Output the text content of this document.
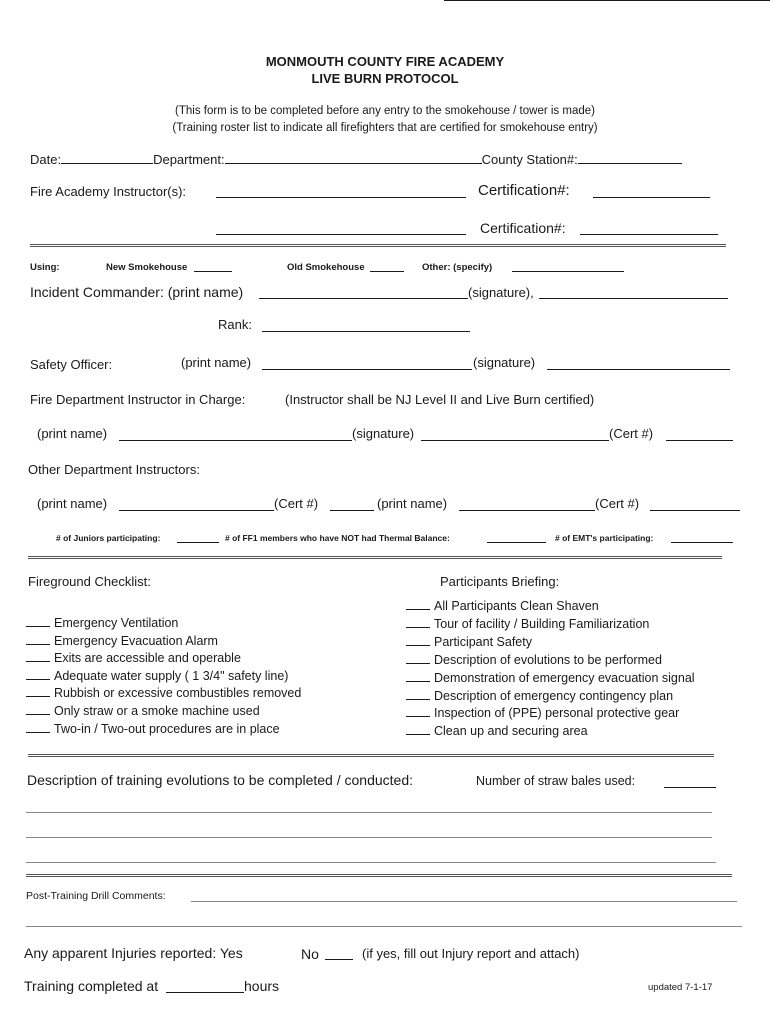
MONMOUTH COUNTY FIRE ACADEMY
LIVE BURN PROTOCOL
(This form is to be completed before any entry to the smokehouse / tower is made)
(Training roster list to indicate all firefighters that are certified for smokehouse entry)
Date:	Department:	County Station#:
Fire Academy Instructor(s):	Certification#:
Certification#:
Using:	New Smokehouse	Old Smokehouse	Other: (specify)
Incident Commander: (print name)	(signature),
Rank:
Safety Officer:	(print name)	(signature)
Fire Department Instructor in Charge:	(Instructor shall be NJ Level II and Live Burn certified)
(print name)	(signature)	(Cert #)
Other Department Instructors:
(print name)	(Cert #)	(print name)	(Cert #)
# of Juniors participating:	# of FF1 members who have NOT had Thermal Balance:	# of EMT's participating:
Fireground Checklist:	Participants Briefing:
Emergency Ventilation
Emergency Evacuation Alarm
Exits are accessible and operable
Adequate water supply ( 1 3/4" safety line)
Rubbish or excessive combustibles removed
Only straw or a smoke machine used
Two-in / Two-out procedures are in place
All Participants Clean Shaven
Tour of facility / Building Familiarization
Participant Safety
Description of evolutions to be performed
Demonstration of emergency evacuation signal
Description of emergency contingency plan
Inspection of (PPE) personal protective gear
Clean up and securing area
Description of training evolutions to be completed / conducted:	Number of straw bales used:
Post-Training Drill Comments:
Any apparent Injuries reported: Yes	No	(if yes, fill out Injury report and attach)
Training completed at	hours	updated 7-1-17
